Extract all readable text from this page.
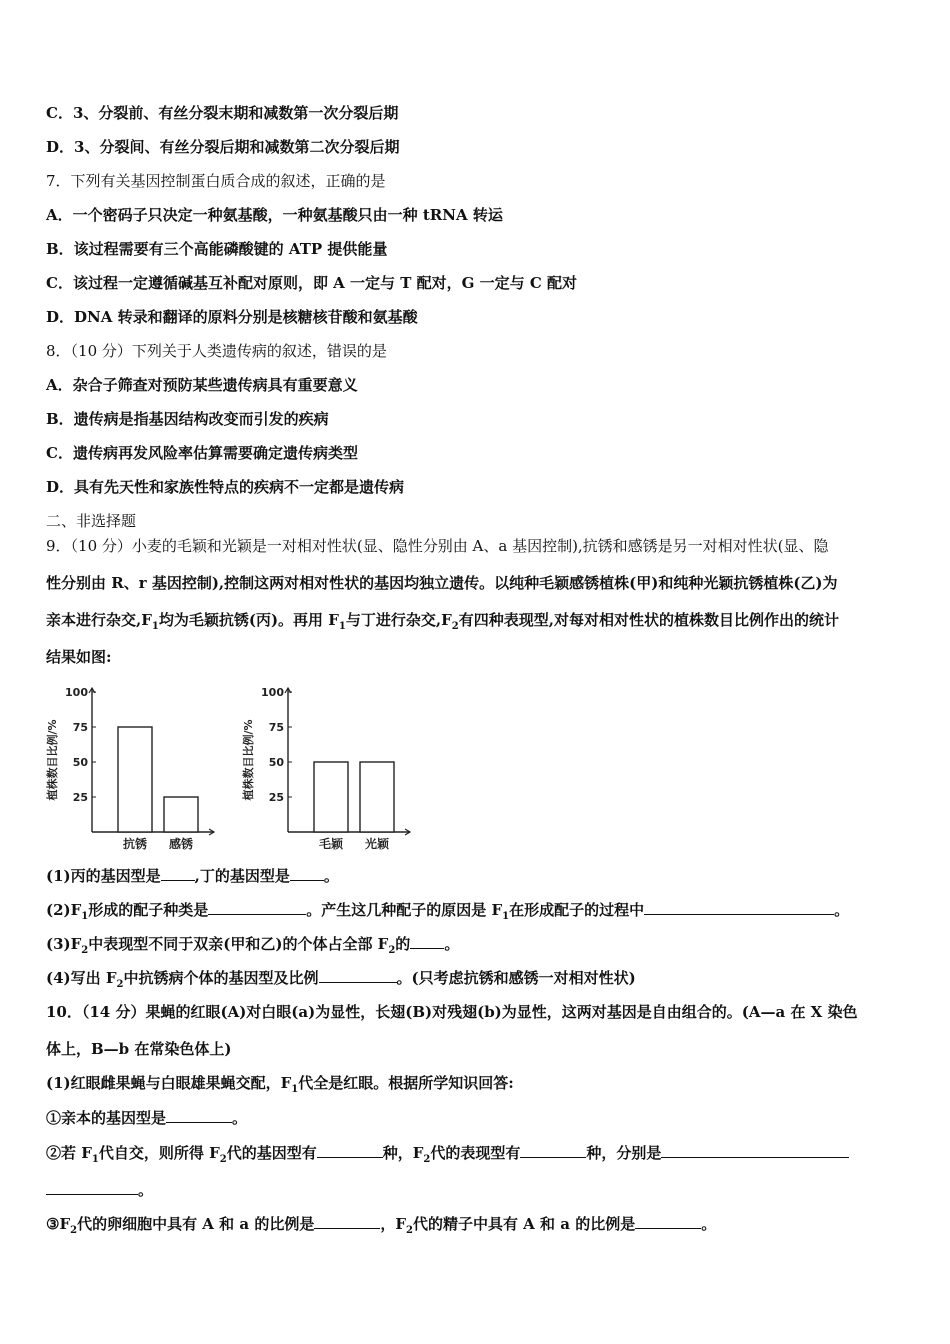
C．3、分裂前、有丝分裂末期和减数第一次分裂后期
D．3、分裂间、有丝分裂后期和减数第二次分裂后期
7．下列有关基因控制蛋白质合成的叙述，正确的是
A．一个密码子只决定一种氨基酸，一种氨基酸只由一种 tRNA 转运
B．该过程需要有三个高能磷酸键的 ATP 提供能量
C．该过程一定遵循碱基互补配对原则，即 A 一定与 T 配对，G 一定与 C 配对
D．DNA 转录和翻译的原料分别是核糖核苷酸和氨基酸
8．（10 分）下列关于人类遗传病的叙述，错误的是
A．杂合子筛查对预防某些遗传病具有重要意义
B．遗传病是指基因结构改变而引发的疾病
C．遗传病再发风险率估算需要确定遗传病类型
D．具有先天性和家族性特点的疾病不一定都是遗传病
二、非选择题
9．（10 分）小麦的毛颖和光颖是一对相对性状(显、隐性分别由 A、a 基因控制),抗锈和感锈是另一对相对性状(显、隐
性分别由 R、r 基因控制),控制这两对相对性状的基因均独立遗传。以纯种毛颖感锈植株(甲)和纯种光颖抗锈植株(乙)为
亲本进行杂交$,F_1$均为毛颖抗锈(丙)。再用 $F_1$与丁进行杂交$,F_2$有四种表现型,对每对相对性状的植株数目比例作出的统计
结果如图:
25
50
75
100
植株数目比例/%
抗锈 感锈
25
50
75
100
植株数目比例/%
毛颖 光颖
(1)丙的基因型是 ,丁的基因型是 。
$(2)F_1$形成的配子种类是	。产生这几种配子的原因是 $F_1$在形成配子的过程中	。
$(3)F_2$中表现型不同于双亲(甲和乙)的个体占全部 $F_2$的 。
(4)写出 $F_2$中抗锈病个体的基因型及比例	。(只考虑抗锈和感锈一对相对性状)
10．（14 分）果蝇的红眼(A)对白眼(a)为显性，长翅(B)对残翅(b)为显性，这两对基因是自由组合的。(A—a 在 X 染色
体上，B—b 在常染色体上)
(1)红眼雌果蝇与白眼雄果蝇交配，$F_1$代全是红眼。根据所学知识回答:
①亲本的基因型是	。
②若 $F_1$代自交，则所得 $F_2$代的基因型有	种，$F_2$代的表现型有	种，分别是
。
$③F_2$代的卵细胞中具有 A 和 a 的比例是	，$F_2$代的精子中具有 A 和 a 的比例是	。
